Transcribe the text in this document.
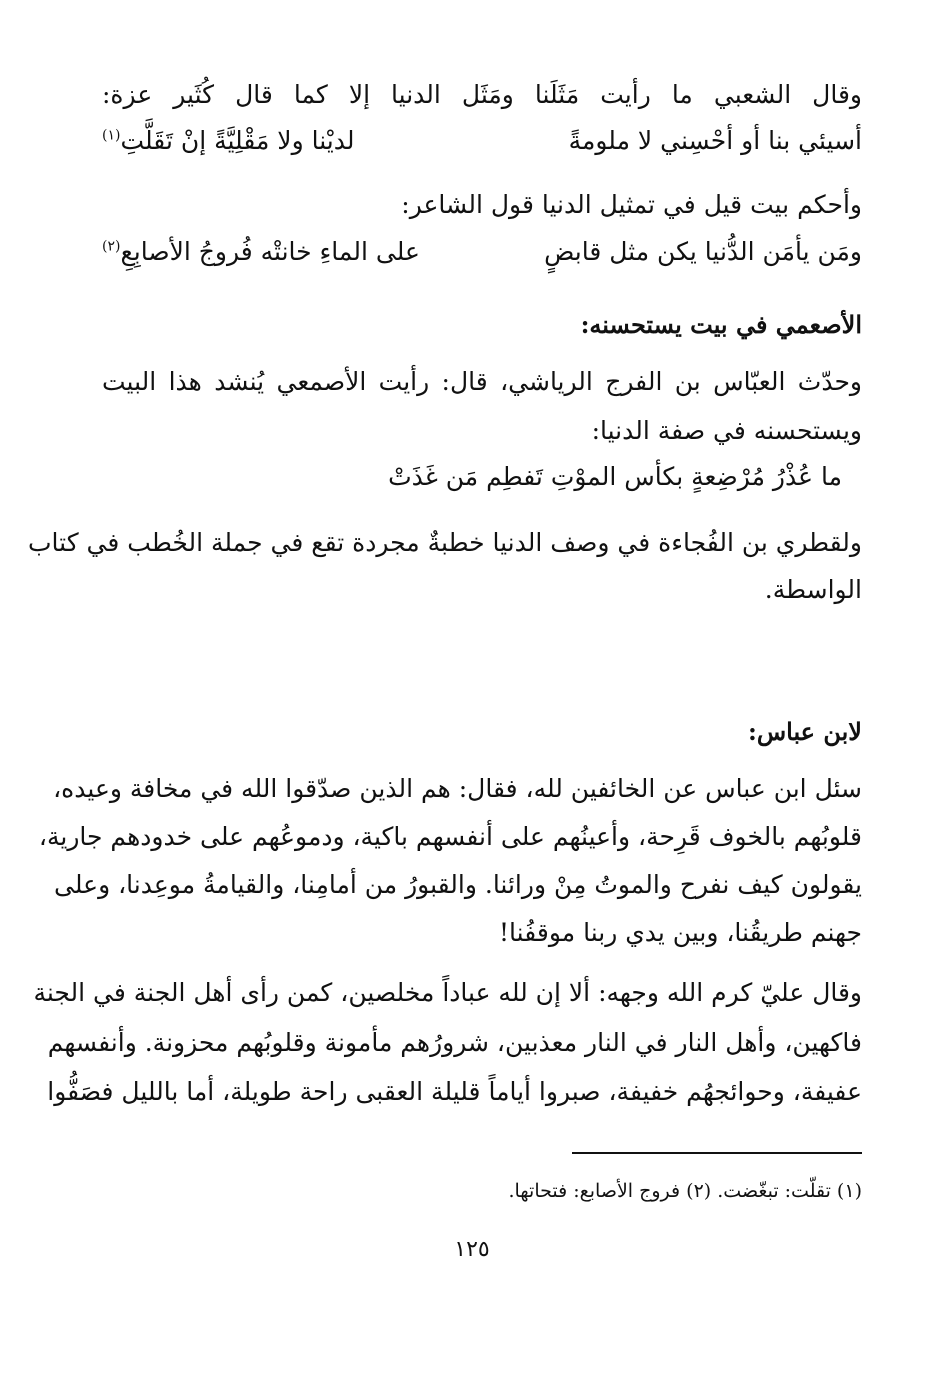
وقال الشعبي ما رأيت مَثَلَنا ومَثَل الدنيا إلا كما قال كُثَير عزة:
أسيئي بنا أو أحْسِني لا ملومةً
لديْنا ولا مَقْلِيَّةً إنْ تَقَلَّتِ$^{(١)}$
وأحكم بيت قيل في تمثيل الدنيا قول الشاعر:
ومَن يأمَن الدُّنيا يكن مثل قابضٍ
على الماءِ خانتْه فُروجُ الأصابِعِ$^{(٢)}$
الأصعمي في بيت يستحسنه:
وحدّث العبّاس بن الفرج الرياشي، قال: رأيت الأصمعي يُنشد هذا البيت
ويستحسنه في صفة الدنيا:
ما عُذْرُ مُرْضِعةٍ بكأس الموْتِ تَفطِم مَن غَذَتْ
ولقطري بن الفُجاءة في وصف الدنيا خطبةٌ مجردة تقع في جملة الخُطب في كتاب
الواسطة.
لابن عباس:
سئل ابن عباس عن الخائفين لله، فقال: هم الذين صدّقوا الله في مخافة وعيده،
قلوبُهم بالخوف قَرِحة، وأعينُهم على أنفسهم باكية، ودموعُهم على خدودهم جارية،
يقولون كيف نفرح والموتُ مِنْ ورائنا. والقبورُ من أمامِنا، والقيامةُ موعِدنا، وعلى
جهنم طريقُنا، وبين يدي ربنا موقفُنا!
وقال عليّ كرم الله وجهه: ألا إن لله عباداً مخلصين، كمن رأى أهل الجنة في الجنة
فاكهين، وأهل النار في النار معذبين، شرورُهم مأمونة وقلوبُهم محزونة. وأنفسهم
عفيفة، وحوائجهُم خفيفة، صبروا أياماً قليلة العقبى راحة طويلة، أما بالليل فصَفُّوا
(١) تقلّت: تبغّضت. (٢) فروج الأصابع: فتحاتها.
١٢٥
